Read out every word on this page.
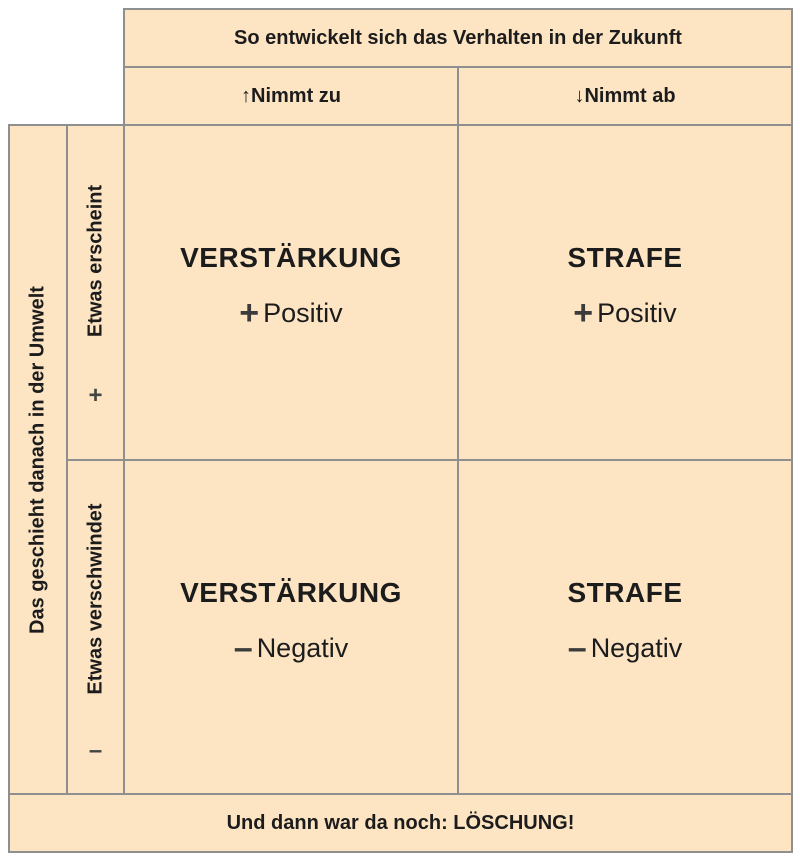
So entwickelt sich das Verhalten in der Zukunft
↑ Nimmt zu	↓ Nimmt ab
Das geschieht danach in der Umwelt
Etwas erscheint
+
Etwas verschwindet
–
VERSTÄRKUNG
+ Positiv
STRAFE
+ Positiv
VERSTÄRKUNG
– Negativ
STRAFE
– Negativ
Und dann war da noch: LÖSCHUNG!
